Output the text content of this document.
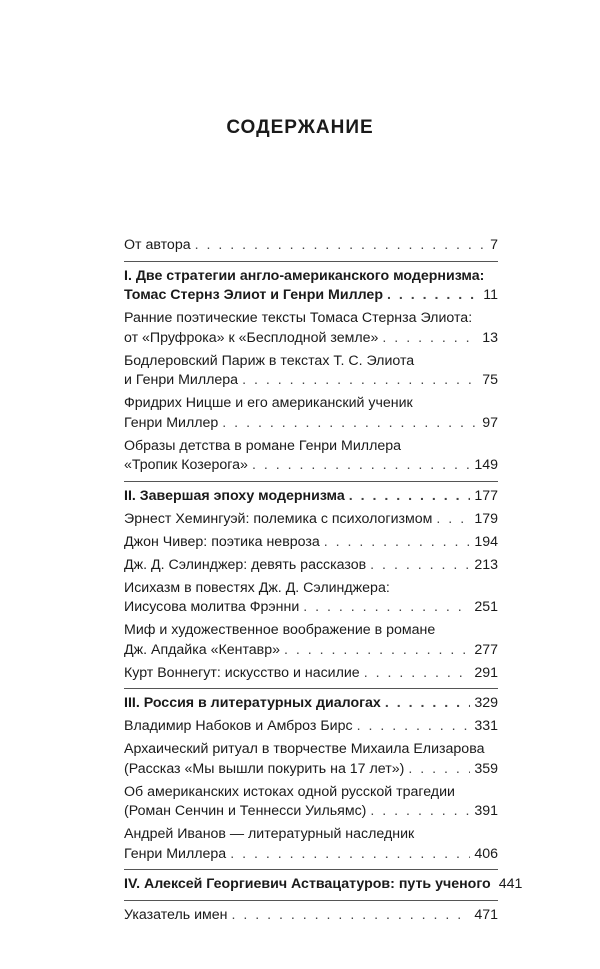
СОДЕРЖАНИЕ
От автора . . .	7
I. Две стратегии англо-американского модернизма:
Томас Стернз Элиот и Генри Миллер . . .	11
Ранние поэтические тексты Томаса Стернза Элиота:
от «Пруфрока» к «Бесплодной земле» . . .	13
Бодлеровский Париж в текстах Т. С. Элиота
и Генри Миллера . . .	75
Фридрих Ницше и его американский ученик
Генри Миллер . . .	97
Образы детства в романе Генри Миллера
«Тропик Козерога» . . .	149
II. Завершая эпоху модернизма . . .	177
Эрнест Хемингуэй: полемика с психологизмом . . .	179
Джон Чивер: поэтика невроза . . .	194
Дж. Д. Сэлинджер: девять рассказов . . .	213
Исихазм в повестях Дж. Д. Сэлинджера:
Иисусова молитва Фрэнни . . .	251
Миф и художественное воображение в романе
Дж. Апдайка «Кентавр» . . .	277
Курт Воннегут: искусство и насилие . . .	291
III. Россия в литературных диалогах . . .	329
Владимир Набоков и Амброз Бирс . . .	331
Архаический ритуал в творчестве Михаила Елизарова
(Рассказ «Мы вышли покурить на 17 лет») . . .	359
Об американских истоках одной русской трагедии
(Роман Сенчин и Теннесси Уильямс) . . .	391
Андрей Иванов — литературный наследник
Генри Миллера . . .	406
IV. Алексей Георгиевич Аствацатуров: путь ученого 441
Указатель имен . . .	471
